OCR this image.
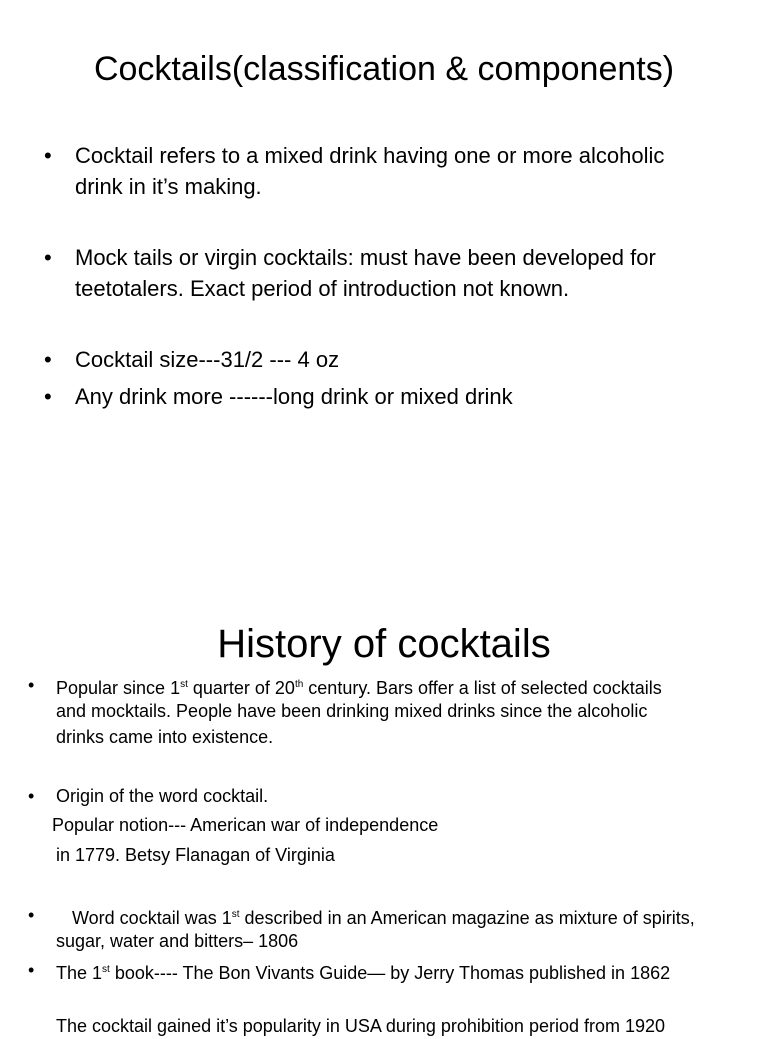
Cocktails(classification & components)
• Cocktail refers to a mixed drink having one or more alcoholic
drink in it’s making.
• Mock tails or virgin cocktails: must have been developed for
teetotalers. Exact period of introduction not known.
• Cocktail size---31/2 --- 4 oz
• Any drink more ------long drink or mixed drink
History of cocktails
• Popular since 1st quarter of 20th century. Bars offer a list of selected cocktails
and mocktails. People have been drinking mixed drinks since the alcoholic
drinks came into existence.
• Origin of the word cocktail.
Popular notion--- American war of independence
in 1779. Betsy Flanagan of Virginia
• Word cocktail was 1st described in an American magazine as mixture of spirits,
sugar, water and bitters– 1806
• The 1st book---- The Bon Vivants Guide— by Jerry Thomas published in 1862
The cocktail gained it’s popularity in USA during prohibition period from 1920
